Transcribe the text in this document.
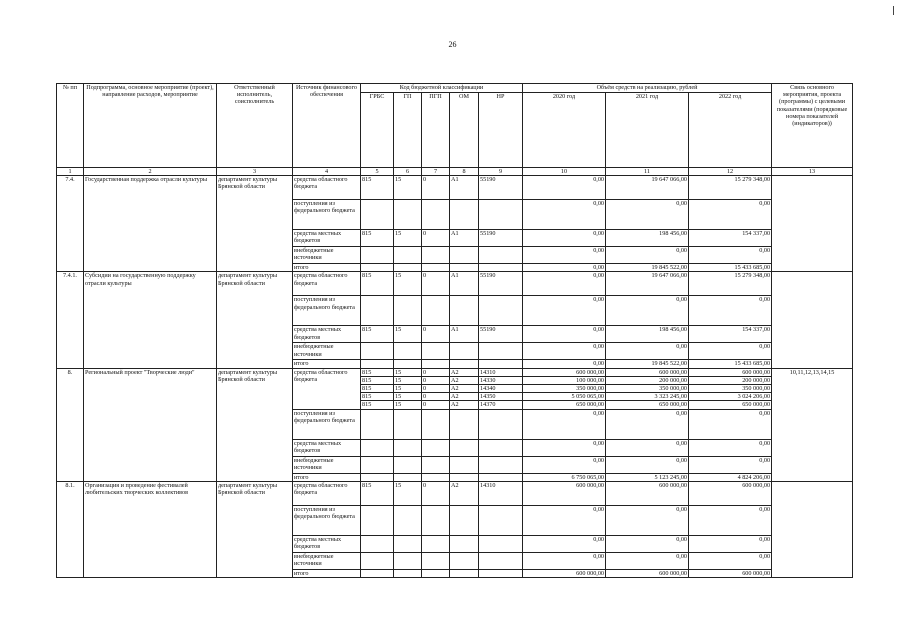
26
№ пп	Подпрограмма, основное мероприятие (проект), направление расходов, мероприятие	Ответственный исполнитель, соисполнитель	Источник финансового обеспечения	Код бюджетной классификации					Объём средств на реализацию, рублей			Связь основного мероприятия, проекта (программы) с целевыми показателями (порядковые номера показателей (индикаторов))
				ГРБС	ГП	ПГП	ОМ	НР	2020 год	2021 год	2022 год	
1	2	3	4	5	6	7	8	9	10	11	12	13
7.4.	Государственная поддержка отрасли культуры	департамент культуры Брянской области	средства областного бюджета	815	15	0	А1	55190	0,00	19 647 066,00	15 279 348,00	
			поступления из федерального бюджета						0,00	0,00	0,00	
			средства местных бюджетов	815	15	0	А1	55190	0,00	198 456,00	154 337,00	
			внебюджетные источники						0,00	0,00	0,00	
			итого						0,00	19 845 522,00	15 433 685,00	
7.4.1.	Субсидии на государственную поддержку отрасли культуры	департамент культуры Брянской области	средства областного бюджета	815	15	0	А1	55190	0,00	19 647 066,00	15 279 348,00	
			поступления из федерального бюджета						0,00	0,00	0,00	
			средства местных бюджетов	815	15	0	А1	55190	0,00	198 456,00	154 337,00	
			внебюджетные источники						0,00	0,00	0,00	
			итого						0,00	19 845 522,00	15 433 685,00	
8.	Региональный проект "Творческие люди"	департамент культуры Брянской области	средства областного бюджета	815	15	0	А2	14310	600 000,00	600 000,00	600 000,00	10,11,12,13,14,15
				815	15	0	А2	14330	100 000,00	200 000,00	200 000,00	
				815	15	0	А2	14340	350 000,00	350 000,00	350 000,00	
				815	15	0	А2	14350	5 050 065,00	3 323 245,00	3 024 206,00	
				815	15	0	А2	14370	650 000,00	650 000,00	650 000,00	
			поступления из федерального бюджета						0,00	0,00	0,00	
			средства местных бюджетов						0,00	0,00	0,00	
			внебюджетные источники						0,00	0,00	0,00	
			итого						6 750 065,00	5 123 245,00	4 824 206,00	
8.1.	Организация и проведение фестивалей любительских творческих коллективов	департамент культуры Брянской области	средства областного бюджета	815	15	0	А2	14310	600 000,00	600 000,00	600 000,00	
			поступления из федерального бюджета						0,00	0,00	0,00	
			средства местных бюджетов						0,00	0,00	0,00	
			внебюджетные источники						0,00	0,00	0,00	
			итого						600 000,00	600 000,00	600 000,00	
